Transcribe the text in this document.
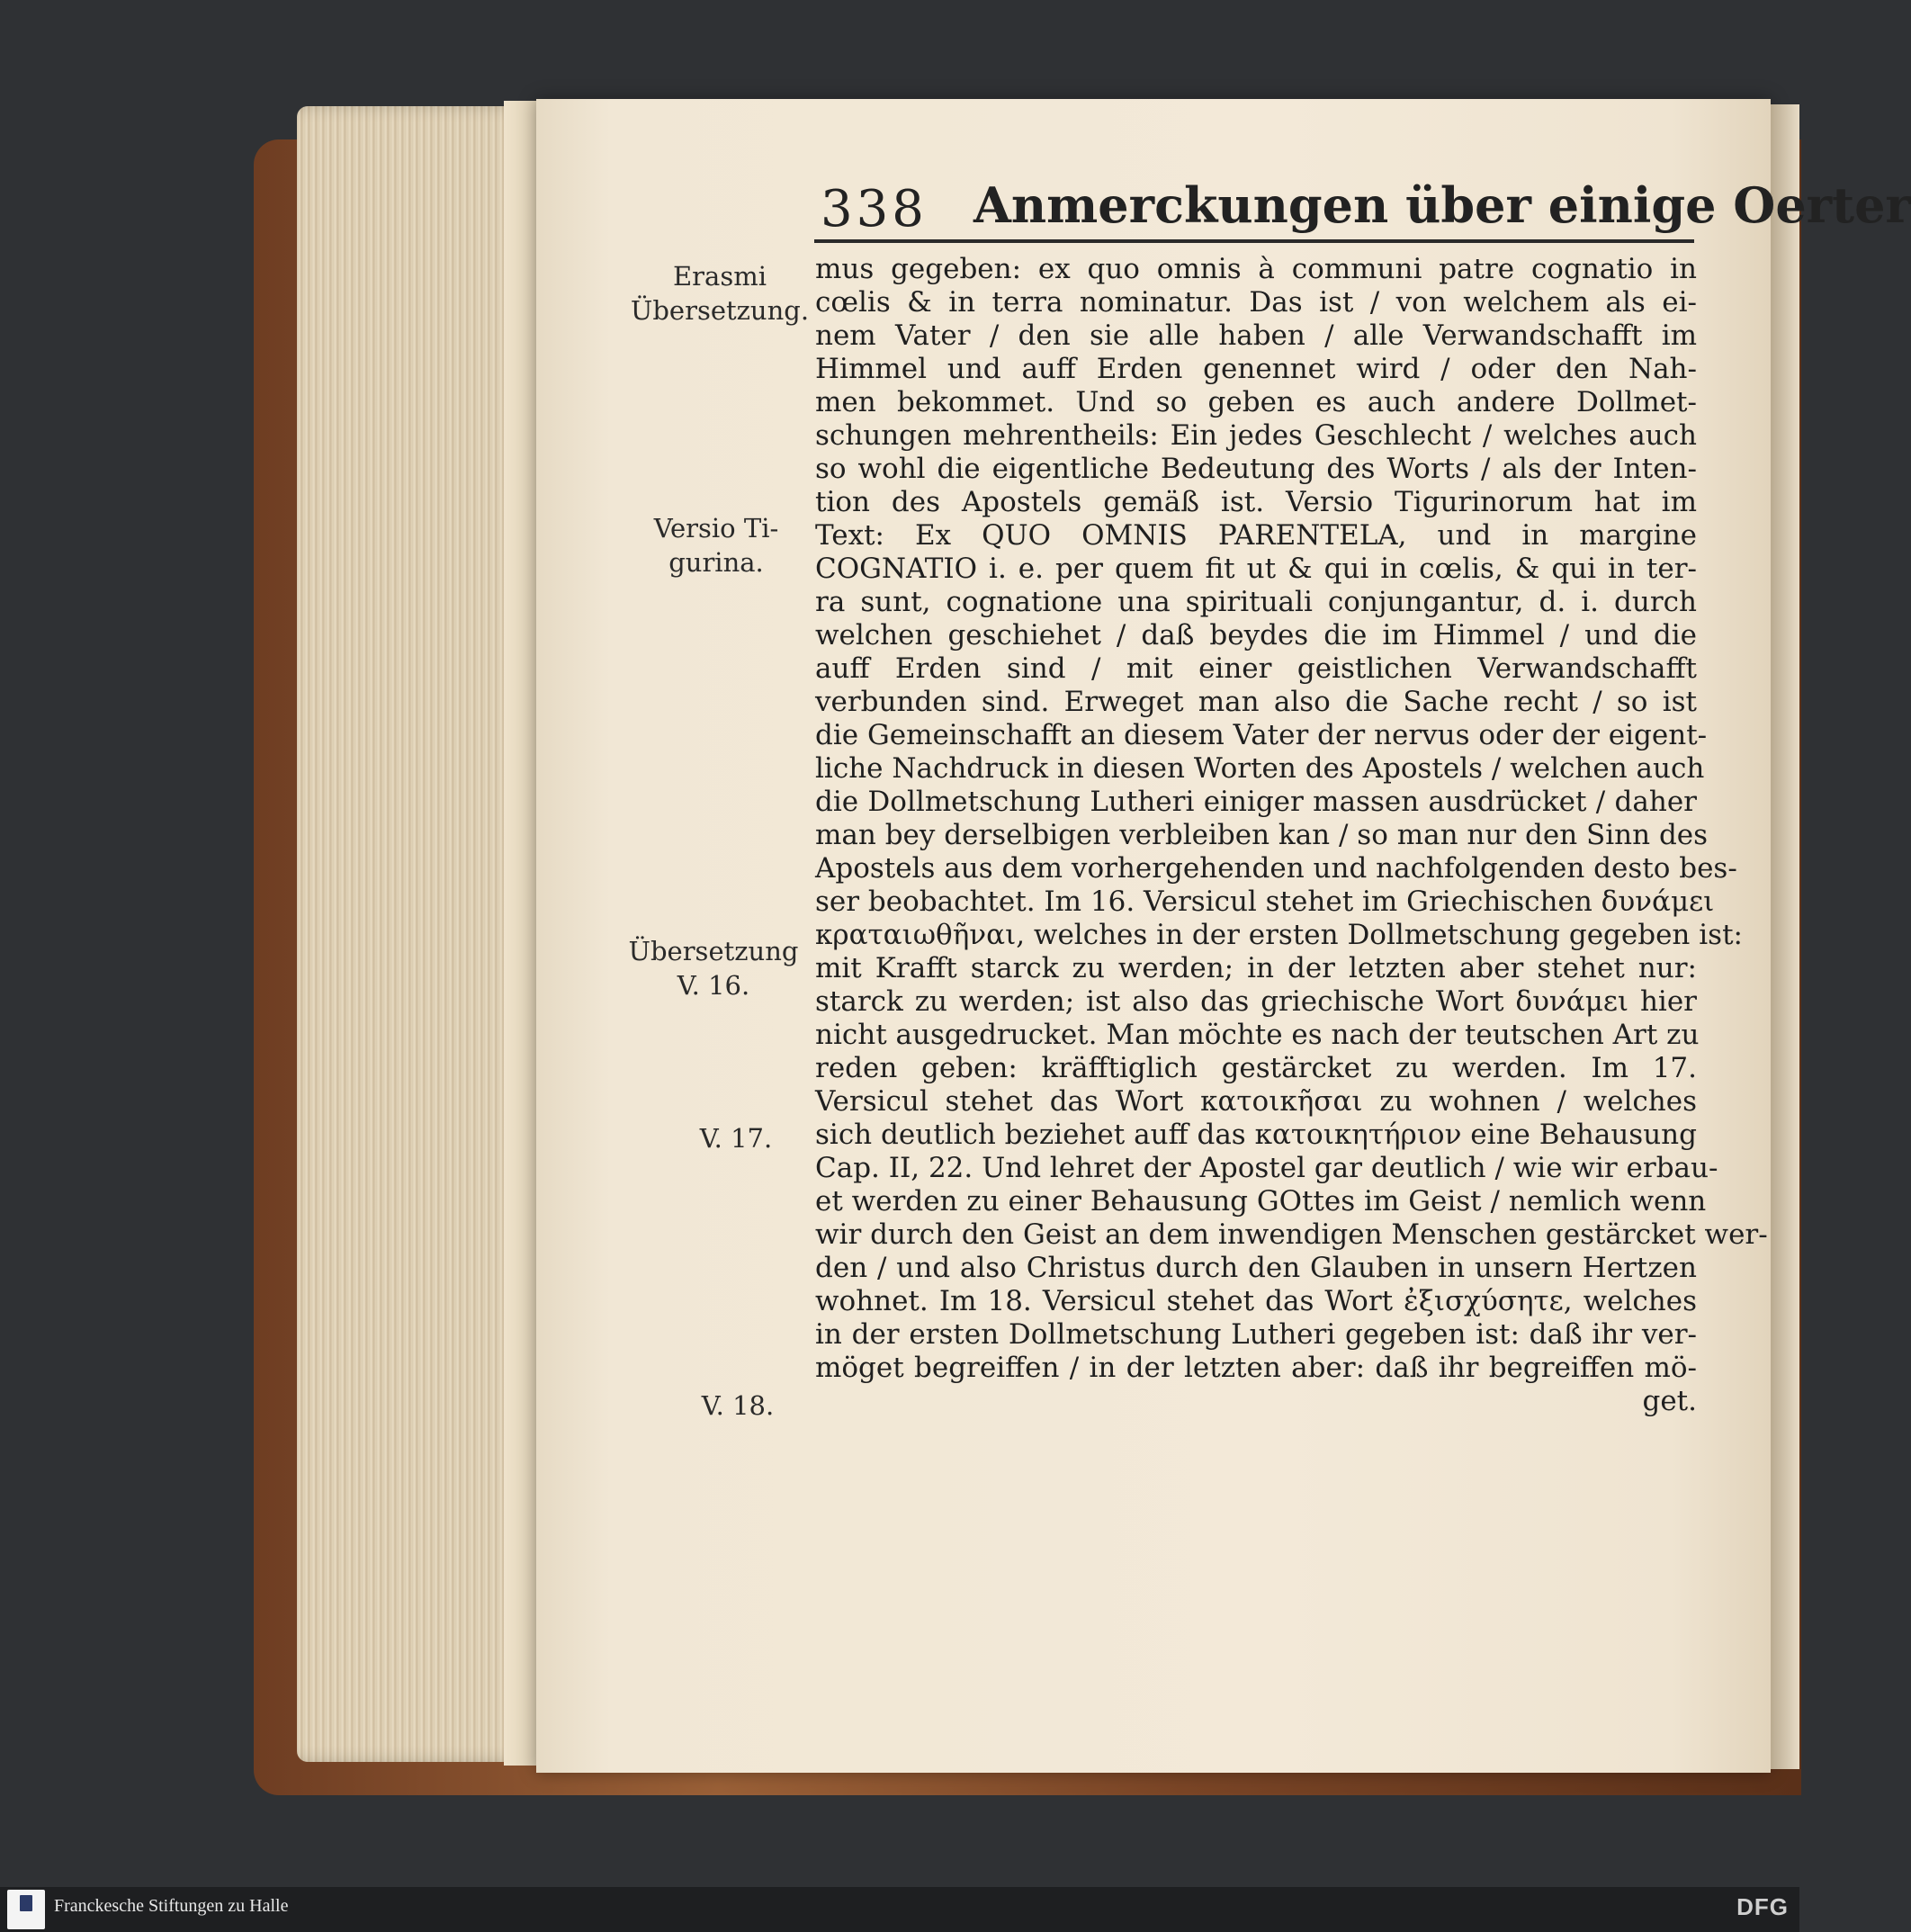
338 Anmerckungen über einige Oerter
Erasmi
Übersetzung.
Versio Ti-
gurina.
Übersetzung
V. 16.
V. 17.
V. 18.
mus gegeben: ex quo omnis à communi patre cognatio in
cœlis & in terra nominatur. Das ist / von welchem als ei-
nem Vater / den sie alle haben / alle Verwandschafft im
Himmel und auff Erden genennet wird / oder den Nah-
men bekommet. Und so geben es auch andere Dollmet-
schungen mehrentheils: Ein jedes Geschlecht / welches auch
so wohl die eigentliche Bedeutung des Worts / als der Inten-
tion des Apostels gemäß ist. Versio Tigurinorum hat im
Text: Ex QUO OMNIS PARENTELA, und in margine
COGNATIO i. e. per quem fit ut & qui in cœlis, & qui in ter-
ra sunt, cognatione una spirituali conjungantur, d. i. durch
welchen geschiehet / daß beydes die im Himmel / und die
auff Erden sind / mit einer geistlichen Verwandschafft
verbunden sind. Erweget man also die Sache recht / so ist
die Gemeinschafft an diesem Vater der nervus oder der eigent-
liche Nachdruck in diesen Worten des Apostels / welchen auch
die Dollmetschung Lutheri einiger massen ausdrücket / daher
man bey derselbigen verbleiben kan / so man nur den Sinn des
Apostels aus dem vorhergehenden und nachfolgenden desto bes-
ser beobachtet. Im 16. Versicul stehet im Griechischen δυνάμει
κραταιωθῆναι, welches in der ersten Dollmetschung gegeben ist:
mit Krafft starck zu werden; in der letzten aber stehet nur:
starck zu werden; ist also das griechische Wort δυνάμει hier
nicht ausgedrucket. Man möchte es nach der teutschen Art zu
reden geben: kräfftiglich gestärcket zu werden. Im 17.
Versicul stehet das Wort κατοικῆσαι zu wohnen / welches
sich deutlich beziehet auff das κατοικητήριον eine Behausung
Cap. II, 22. Und lehret der Apostel gar deutlich / wie wir erbau-
et werden zu einer Behausung GOttes im Geist / nemlich wenn
wir durch den Geist an dem inwendigen Menschen gestärcket wer-
den / und also Christus durch den Glauben in unsern Hertzen
wohnet. Im 18. Versicul stehet das Wort ἐξισχύσητε, welches
in der ersten Dollmetschung Lutheri gegeben ist: daß ihr ver-
möget begreiffen / in der letzten aber: daß ihr begreiffen mö-
get.
Franckesche Stiftungen zu Halle	DFG
